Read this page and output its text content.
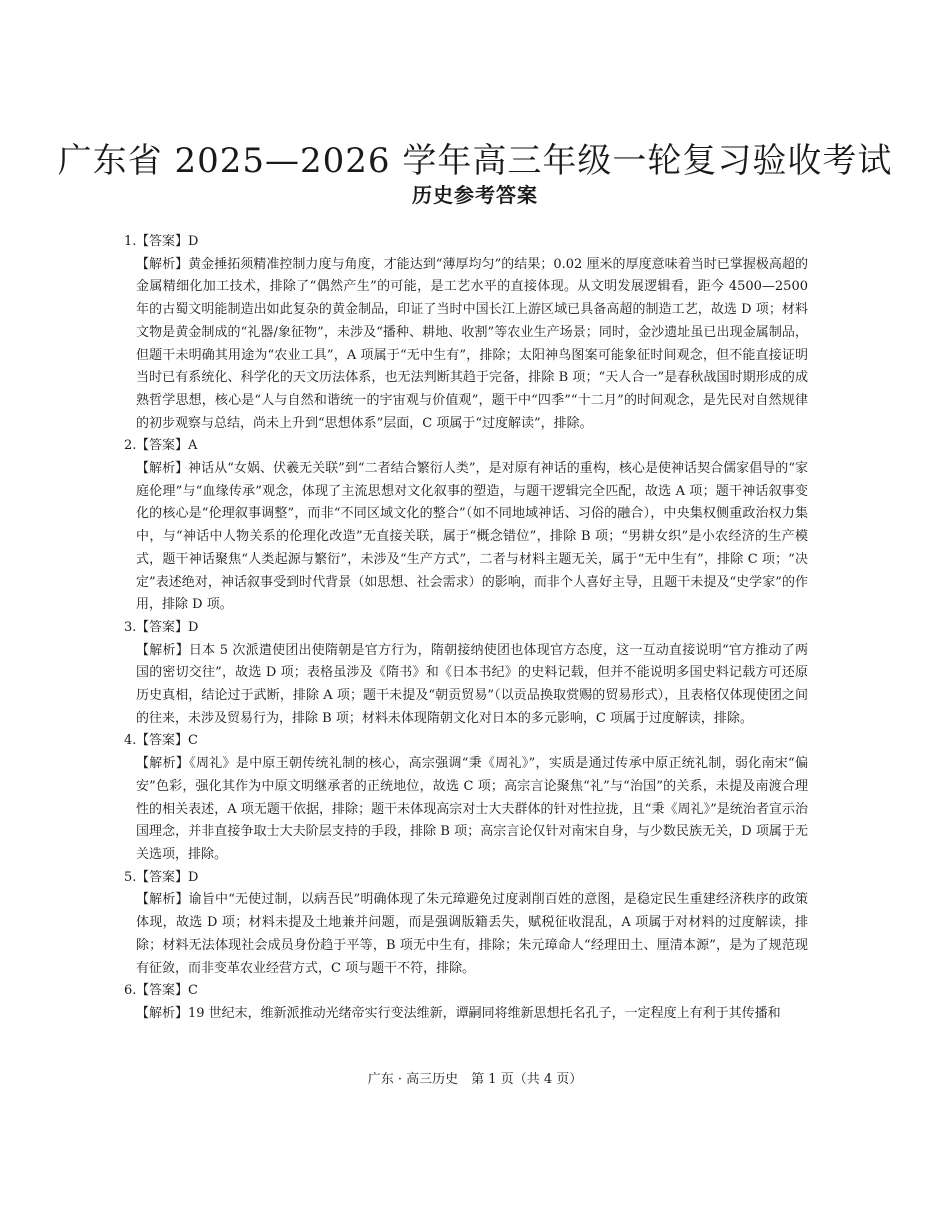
广东省 2025—2026 学年高三年级一轮复习验收考试
历史参考答案
1. 【答案】D
【解析】黄金捶拓须精准控制力度与角度，才能达到“薄厚均匀”的结果；0.02 厘米的厚度意味着当时已掌握极高超的金属精细化加工技术，排除了“偶然产生”的可能，是工艺水平的直接体现。从文明发展逻辑看，距今 4500—2500 年的古蜀文明能制造出如此复杂的黄金制品，印证了当时中国长江上游区域已具备高超的制造工艺，故选 D 项；材料文物是黄金制成的“礼器/象征物”，未涉及“播种、耕地、收割”等农业生产场景；同时，金沙遗址虽已出现金属制品，但题干未明确其用途为“农业工具”，A 项属于“无中生有”，排除；太阳神鸟图案可能象征时间观念，但不能直接证明当时已有系统化、科学化的天文历法体系，也无法判断其趋于完备，排除 B 项；“天人合一”是春秋战国时期形成的成熟哲学思想，核心是“人与自然和谐统一的宇宙观与价值观”，题干中“四季”“十二月”的时间观念，是先民对自然规律的初步观察与总结，尚未上升到“思想体系”层面，C 项属于“过度解读”，排除。
2. 【答案】A
【解析】神话从“女娲、伏羲无关联”到“二者结合繁衍人类”，是对原有神话的重构，核心是使神话契合儒家倡导的“家庭伦理”与“血缘传承”观念，体现了主流思想对文化叙事的塑造，与题干逻辑完全匹配，故选 A 项；题干神话叙事变化的核心是“伦理叙事调整”，而非“不同区域文化的整合”（如不同地域神话、习俗的融合），中央集权侧重政治权力集中，与“神话中人物关系的伦理化改造”无直接关联，属于“概念错位”，排除 B 项；“男耕女织”是小农经济的生产模式，题干神话聚焦“人类起源与繁衍”，未涉及“生产方式”，二者与材料主题无关，属于“无中生有”，排除 C 项；“决定”表述绝对，神话叙事受到时代背景（如思想、社会需求）的影响，而非个人喜好主导，且题干未提及“史学家”的作用，排除 D 项。
3. 【答案】D
【解析】日本 5 次派遣使团出使隋朝是官方行为，隋朝接纳使团也体现官方态度，这一互动直接说明“官方推动了两国的密切交往”，故选 D 项；表格虽涉及《隋书》和《日本书纪》的史料记载，但并不能说明多国史料记载方可还原历史真相，结论过于武断，排除 A 项；题干未提及“朝贡贸易”（以贡品换取赏赐的贸易形式），且表格仅体现使团之间的往来，未涉及贸易行为，排除 B 项；材料未体现隋朝文化对日本的多元影响，C 项属于过度解读，排除。
4. 【答案】C
【解析】《周礼》是中原王朝传统礼制的核心，高宗强调“秉《周礼》”，实质是通过传承中原正统礼制，弱化南宋“偏安”色彩，强化其作为中原文明继承者的正统地位，故选 C 项；高宗言论聚焦“礼”与“治国”的关系，未提及南渡合理性的相关表述，A 项无题干依据，排除；题干未体现高宗对士大夫群体的针对性拉拢，且“秉《周礼》”是统治者宣示治国理念，并非直接争取士大夫阶层支持的手段，排除 B 项；高宗言论仅针对南宋自身，与少数民族无关，D 项属于无关选项，排除。
5. 【答案】D
【解析】谕旨中“无使过制，以病吾民”明确体现了朱元璋避免过度剥削百姓的意图，是稳定民生重建经济秩序的政策体现，故选 D 项；材料未提及土地兼并问题，而是强调版籍丢失，赋税征收混乱，A 项属于对材料的过度解读，排除；材料无法体现社会成员身份趋于平等，B 项无中生有，排除；朱元璋命人“经理田土、厘清本源”，是为了规范现有征敛，而非变革农业经营方式，C 项与题干不符，排除。
6. 【答案】C
【解析】19 世纪末，维新派推动光绪帝实行变法维新，谭嗣同将维新思想托名孔子，一定程度上有利于其传播和
广东 · 高三历史　第 1 页（共 4 页）
